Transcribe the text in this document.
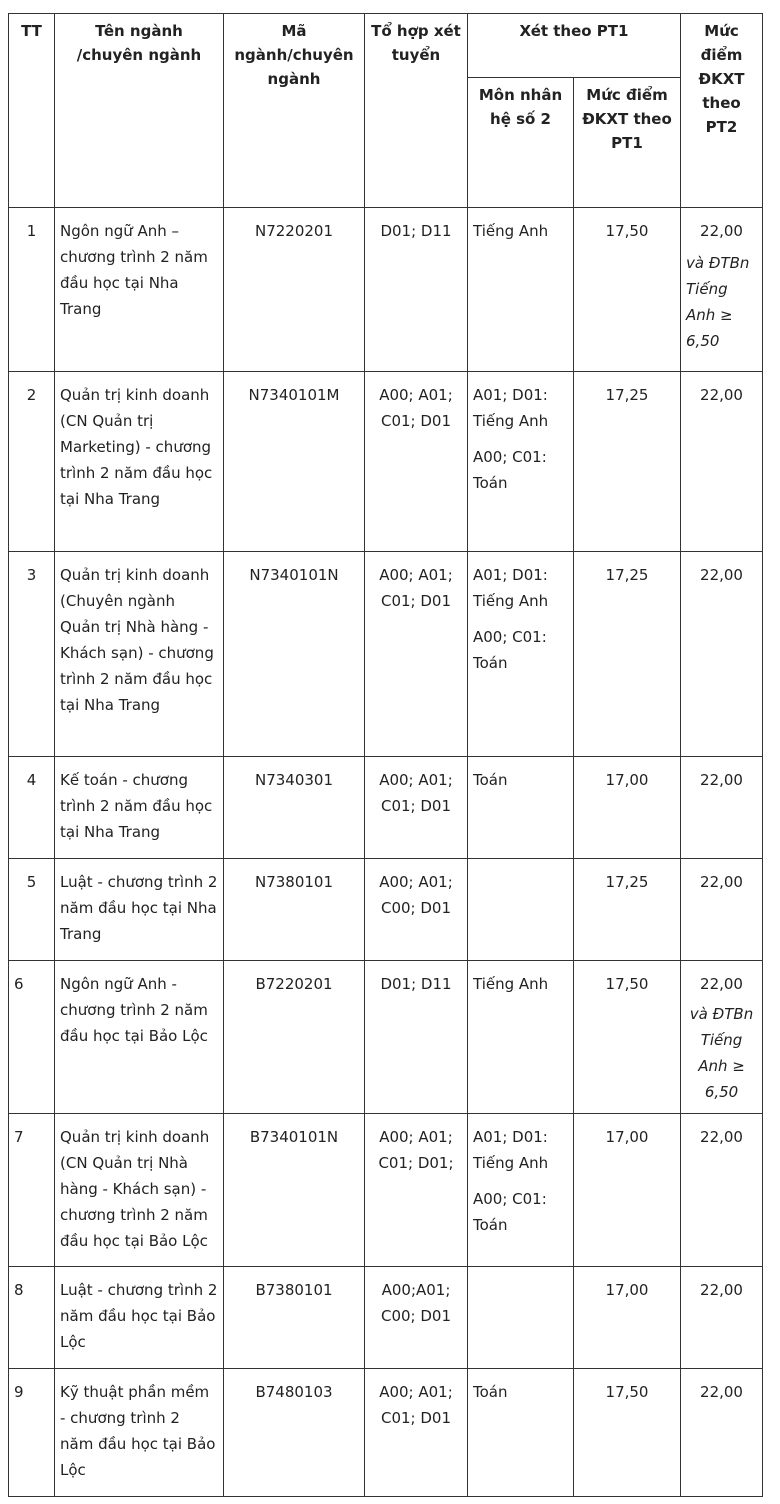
TT	Tên ngành /chuyên ngành	Mã ngành/chuyên ngành	Tổ hợp xét tuyển	Xét theo PT1		Mức điểm ĐKXT theo PT2
				Môn nhân hệ số 2	Mức điểm ĐKXT theo PT1	
1	Ngôn ngữ Anh – chương trình 2 năm đầu học tại Nha Trang	N7220201	D01; D11	Tiếng Anh	17,50	22,00
và ĐTBn Tiếng Anh ≥ 6,50

2	Quản trị kinh doanh (CN Quản trị Marketing) - chương trình 2 năm đầu học tại Nha Trang	N7340101M	A00; A01; C01; D01	A01; D01: Tiếng Anh
A00; C01: Toán	17,25	22,00

3	Quản trị kinh doanh (Chuyên ngành Quản trị Nhà hàng - Khách sạn) - chương trình 2 năm đầu học tại Nha Trang	N7340101N	A00; A01; C01; D01	A01; D01: Tiếng Anh
A00; C01: Toán	17,25	22,00

4	Kế toán - chương trình 2 năm đầu học tại Nha Trang	N7340301	A00; A01; C01; D01	Toán	17,00	22,00

5	Luật - chương trình 2 năm đầu học tại Nha Trang	N7380101	A00; A01; C00; D01		17,25	22,00

6	Ngôn ngữ Anh - chương trình 2 năm đầu học tại Bảo Lộc	B7220201	D01; D11	Tiếng Anh	17,50	22,00
và ĐTBn Tiếng Anh ≥ 6,50

7	Quản trị kinh doanh (CN Quản trị Nhà hàng - Khách sạn) - chương trình 2 năm đầu học tại Bảo Lộc	B7340101N	A00; A01; C01; D01;	A01; D01: Tiếng Anh
A00; C01: Toán	17,00	22,00

8	Luật - chương trình 2 năm đầu học tại Bảo Lộc	B7380101	A00;A01; C00; D01		17,00	22,00

9	Kỹ thuật phần mềm - chương trình 2 năm đầu học tại Bảo Lộc	B7480103	A00; A01; C01; D01	Toán	17,50	22,00
